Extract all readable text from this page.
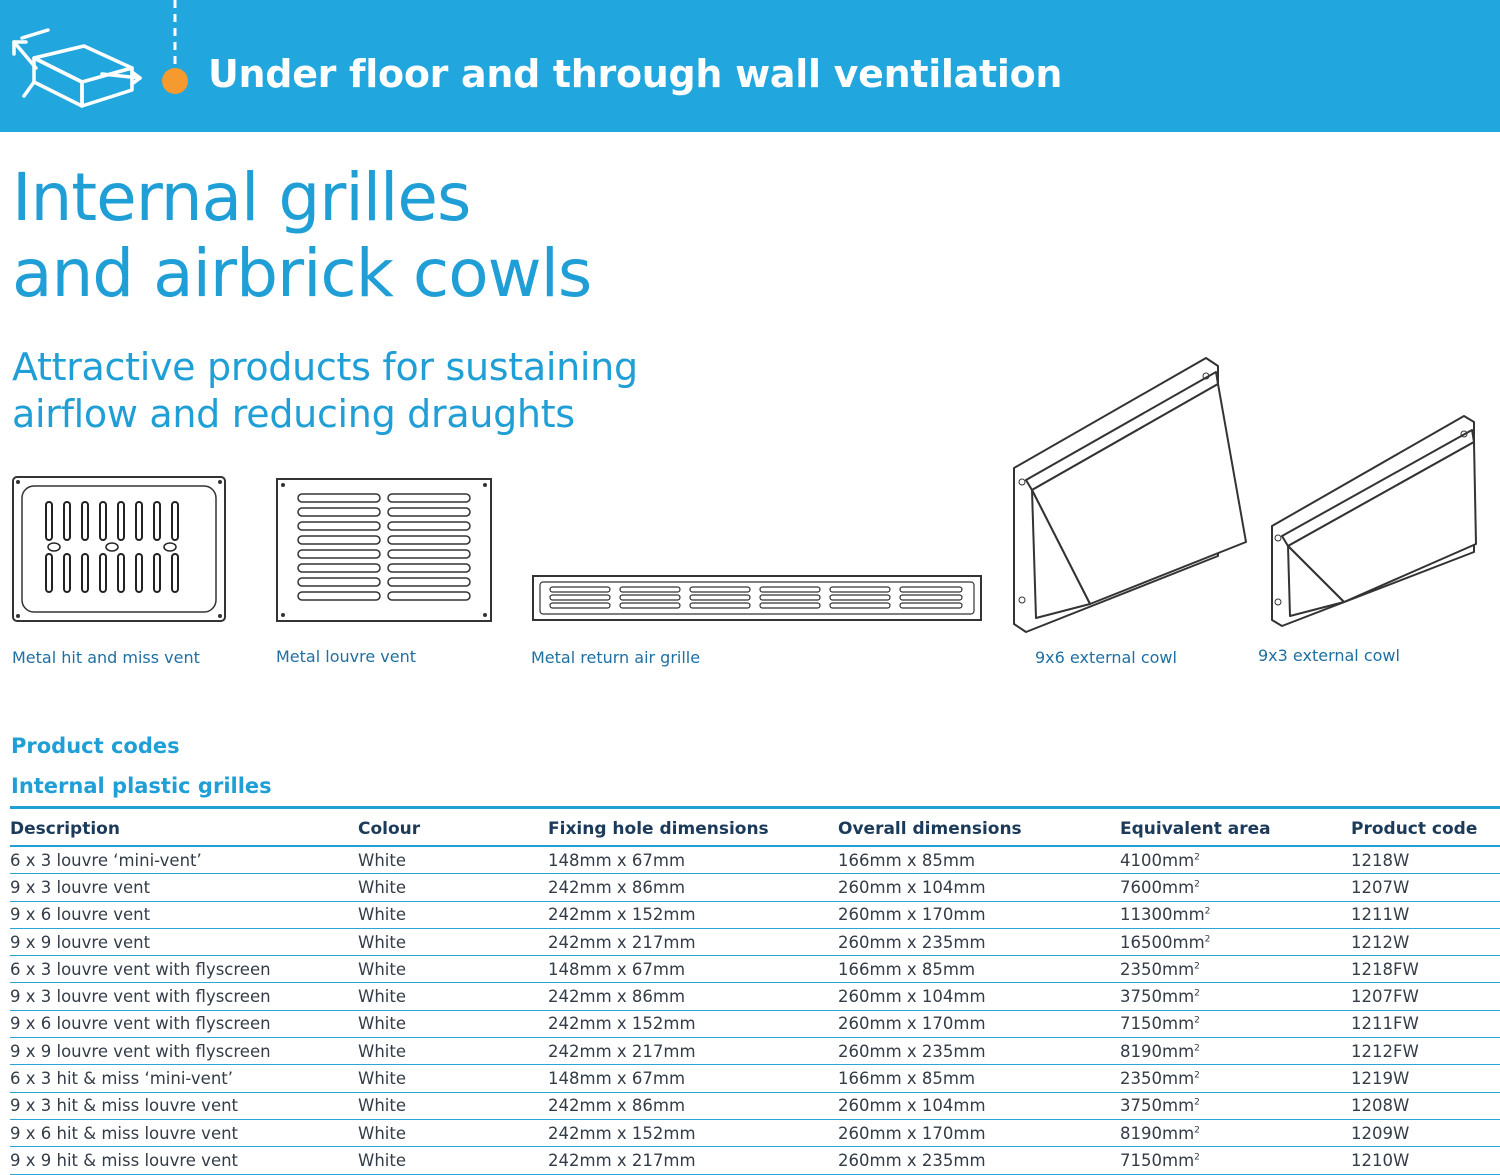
Under floor and through wall ventilation
Internal grilles
and airbrick cowls
Attractive products for sustaining
airflow and reducing draughts
Metal hit and miss vent	Metal louvre vent	Metal return air grille	9x6 external cowl	9x3 external cowl
Product codes
Internal plastic grilles
Description	Colour	Fixing hole dimensions	Overall dimensions	Equivalent area	Product code
6 x 3 louvre ‘mini-vent’	White	148mm x 67mm	166mm x 85mm	$4100mm^2$	1218W
9 x 3 louvre vent	White	242mm x 86mm	260mm x 104mm	$7600mm^2$	1207W
9 x 6 louvre vent	White	242mm x 152mm	260mm x 170mm	$11300mm^2$	1211W
9 x 9 louvre vent	White	242mm x 217mm	260mm x 235mm	$16500mm^2$	1212W
6 x 3 louvre vent with flyscreen	White	148mm x 67mm	166mm x 85mm	$2350mm^2$	1218FW
9 x 3 louvre vent with flyscreen	White	242mm x 86mm	260mm x 104mm	$3750mm^2$	1207FW
9 x 6 louvre vent with flyscreen	White	242mm x 152mm	260mm x 170mm	$7150mm^2$	1211FW
9 x 9 louvre vent with flyscreen	White	242mm x 217mm	260mm x 235mm	$8190mm^2$	1212FW
6 x 3 hit & miss ‘mini-vent’	White	148mm x 67mm	166mm x 85mm	$2350mm^2$	1219W
9 x 3 hit & miss louvre vent	White	242mm x 86mm	260mm x 104mm	$3750mm^2$	1208W
9 x 6 hit & miss louvre vent	White	242mm x 152mm	260mm x 170mm	$8190mm^2$	1209W
9 x 9 hit & miss louvre vent	White	242mm x 217mm	260mm x 235mm	$7150mm^2$	1210W
